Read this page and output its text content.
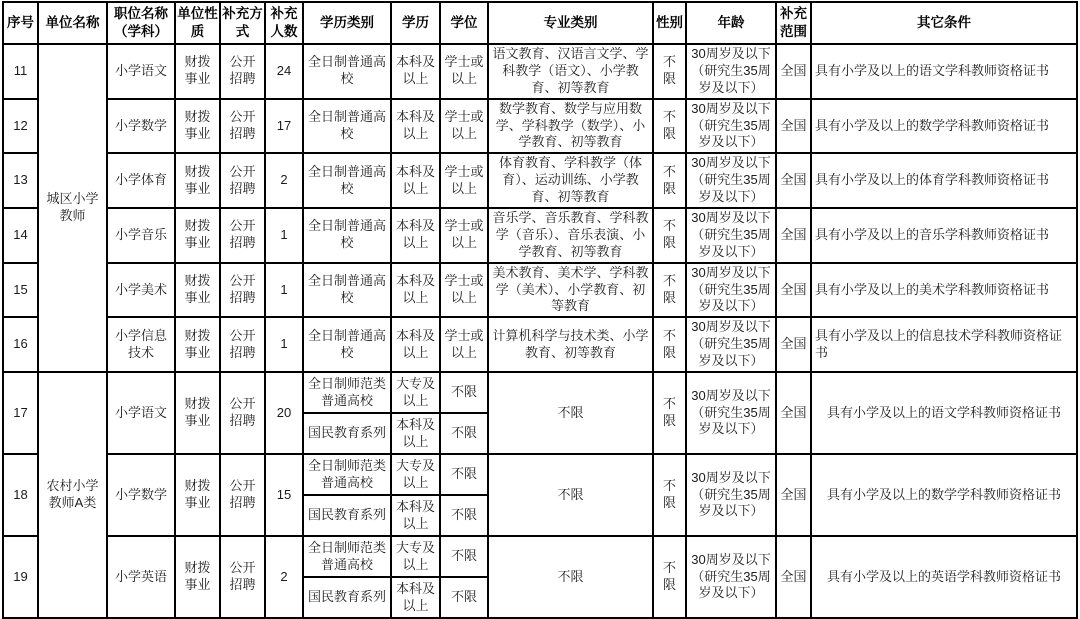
序号	单位名称	职位名称（学科）	单位性质	补充方式	补充人数	学历类别	学历	学位	专业类别	性别	年龄	补充范围	其它条件
11	城区小学教师	小学语文	财拨事业	公开招聘	24	全日制普通高校	本科及以上	学士或以上	语文教育、汉语言文学、学科教学（语文）、小学教育、初等教育	不限	30周岁及以下（研究生35周岁及以下）	全国	具有小学及以上的语文学科教师资格证书
12		小学数学	财拨事业	公开招聘	17	全日制普通高校	本科及以上	学士或以上	数学教育、数学与应用数学、学科教学（数学）、小学教育、初等教育	不限	30周岁及以下（研究生35周岁及以下）	全国	具有小学及以上的数学学科教师资格证书
13		小学体育	财拨事业	公开招聘	2	全日制普通高校	本科及以上	学士或以上	体育教育、学科教学（体育）、运动训练、小学教育、初等教育	不限	30周岁及以下（研究生35周岁及以下）	全国	具有小学及以上的体育学科教师资格证书
14		小学音乐	财拨事业	公开招聘	1	全日制普通高校	本科及以上	学士或以上	音乐学、音乐教育、学科教学（音乐）、音乐表演、小学教育、初等教育	不限	30周岁及以下（研究生35周岁及以下）	全国	具有小学及以上的音乐学科教师资格证书
15		小学美术	财拨事业	公开招聘	1	全日制普通高校	本科及以上	学士或以上	美术教育、美术学、学科教学（美术）、小学教育、初等教育	不限	30周岁及以下（研究生35周岁及以下）	全国	具有小学及以上的美术学科教师资格证书
16		小学信息技术	财拨事业	公开招聘	1	全日制普通高校	本科及以上	学士或以上	计算机科学与技术类、小学教育、初等教育	不限	30周岁及以下（研究生35周岁及以下）	全国	具有小学及以上的信息技术学科教师资格证书
17	农村小学教师A类	小学语文	财拨事业	公开招聘	20	全日制师范类普通高校	大专及以上	不限	不限	不限	30周岁及以下（研究生35周岁及以下）	全国	具有小学及以上的语文学科教师资格证书
						国民教育系列	本科及以上	不限					
18		小学数学	财拨事业	公开招聘	15	全日制师范类普通高校	大专及以上	不限	不限	不限	30周岁及以下（研究生35周岁及以下）	全国	具有小学及以上的数学学科教师资格证书
						国民教育系列	本科及以上	不限					
19		小学英语	财拨事业	公开招聘	2	全日制师范类普通高校	大专及以上	不限	不限	不限	30周岁及以下（研究生35周岁及以下）	全国	具有小学及以上的英语学科教师资格证书
						国民教育系列	本科及以上	不限					
